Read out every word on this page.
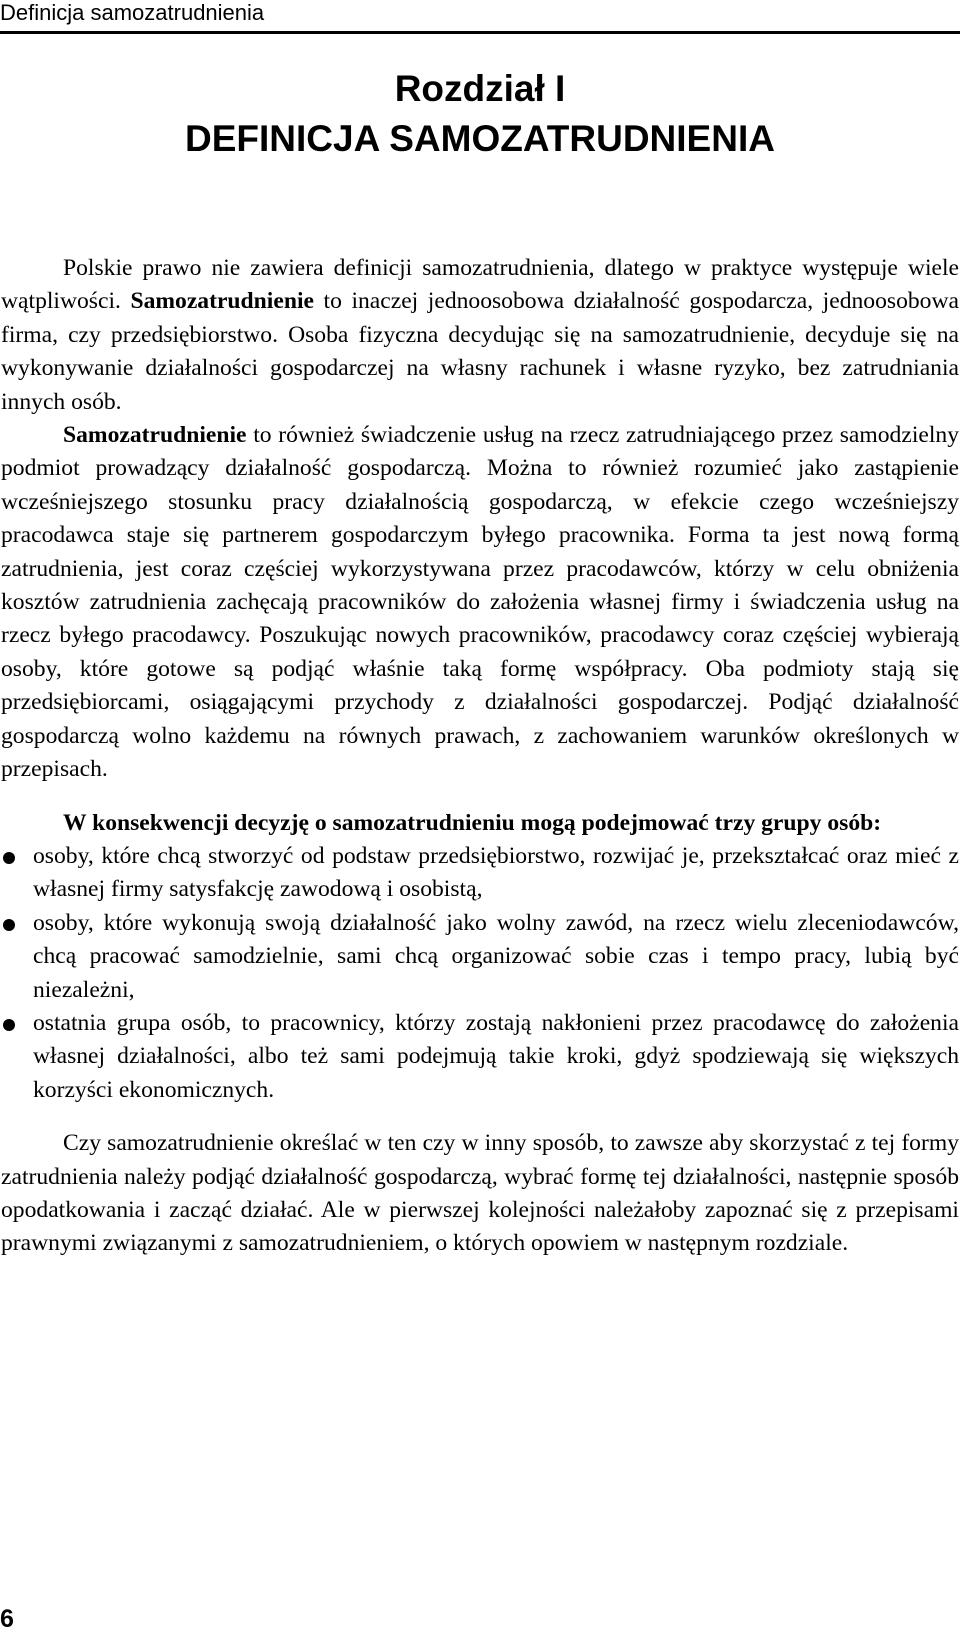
Definicja samozatrudnienia
Rozdział I
DEFINICJA SAMOZATRUDNIENIA

Polskie prawo nie zawiera definicji samozatrudnienia, dlatego w praktyce występuje wiele wątpliwości. Samozatrudnienie to inaczej jednoosobowa działalność gospodarcza, jednoosobowa firma, czy przedsiębiorstwo. Osoba fizyczna decydując się na samozatrudnienie, decyduje się na wykonywanie działalności gospodarczej na własny rachunek i własne ryzyko, bez zatrudniania innych osób.

Samozatrudnienie to również świadczenie usług na rzecz zatrudniającego przez samodzielny podmiot prowadzący działalność gospodarczą. Można to również rozumieć jako zastąpienie wcześniejszego stosunku pracy działalnością gospodarczą, w efekcie czego wcześniejszy pracodawca staje się partnerem gospodarczym byłego pracownika. Forma ta jest nową formą zatrudnienia, jest coraz częściej wykorzystywana przez pracodawców, którzy w celu obniżenia kosztów zatrudnienia zachęcają pracowników do założenia własnej firmy i świadczenia usług na rzecz byłego pracodawcy. Poszukując nowych pracowników, pracodawcy coraz częściej wybierają osoby, które gotowe są podjąć właśnie taką formę współpracy. Oba podmioty stają się przedsiębiorcami, osiągającymi przychody z działalności gospodarczej. Podjąć działalność gospodarczą wolno każdemu na równych prawach, z zachowaniem warunków określonych w przepisach.

W konsekwencji decyzję o samozatrudnieniu mogą podejmować trzy grupy osób:

osoby, które chcą stworzyć od podstaw przedsiębiorstwo, rozwijać je, przekształcać oraz mieć z własnej firmy satysfakcję zawodową i osobistą,
osoby, które wykonują swoją działalność jako wolny zawód, na rzecz wielu zleceniodawców, chcą pracować samodzielnie, sami chcą organizować sobie czas i tempo pracy, lubią być niezależni,
ostatnia grupa osób, to pracownicy, którzy zostają nakłonieni przez pracodawcę do założenia własnej działalności, albo też sami podejmują takie kroki, gdyż spodziewają się większych korzyści ekonomicznych.

Czy samozatrudnienie określać w ten czy w inny sposób, to zawsze aby skorzystać z tej formy zatrudnienia należy podjąć działalność gospodarczą, wybrać formę tej działalności, następnie sposób opodatkowania i zacząć działać. Ale w pierwszej kolejności należałoby zapoznać się z przepisami prawnymi związanymi z samozatrudnieniem, o których opowiem w następnym rozdziale.

6
